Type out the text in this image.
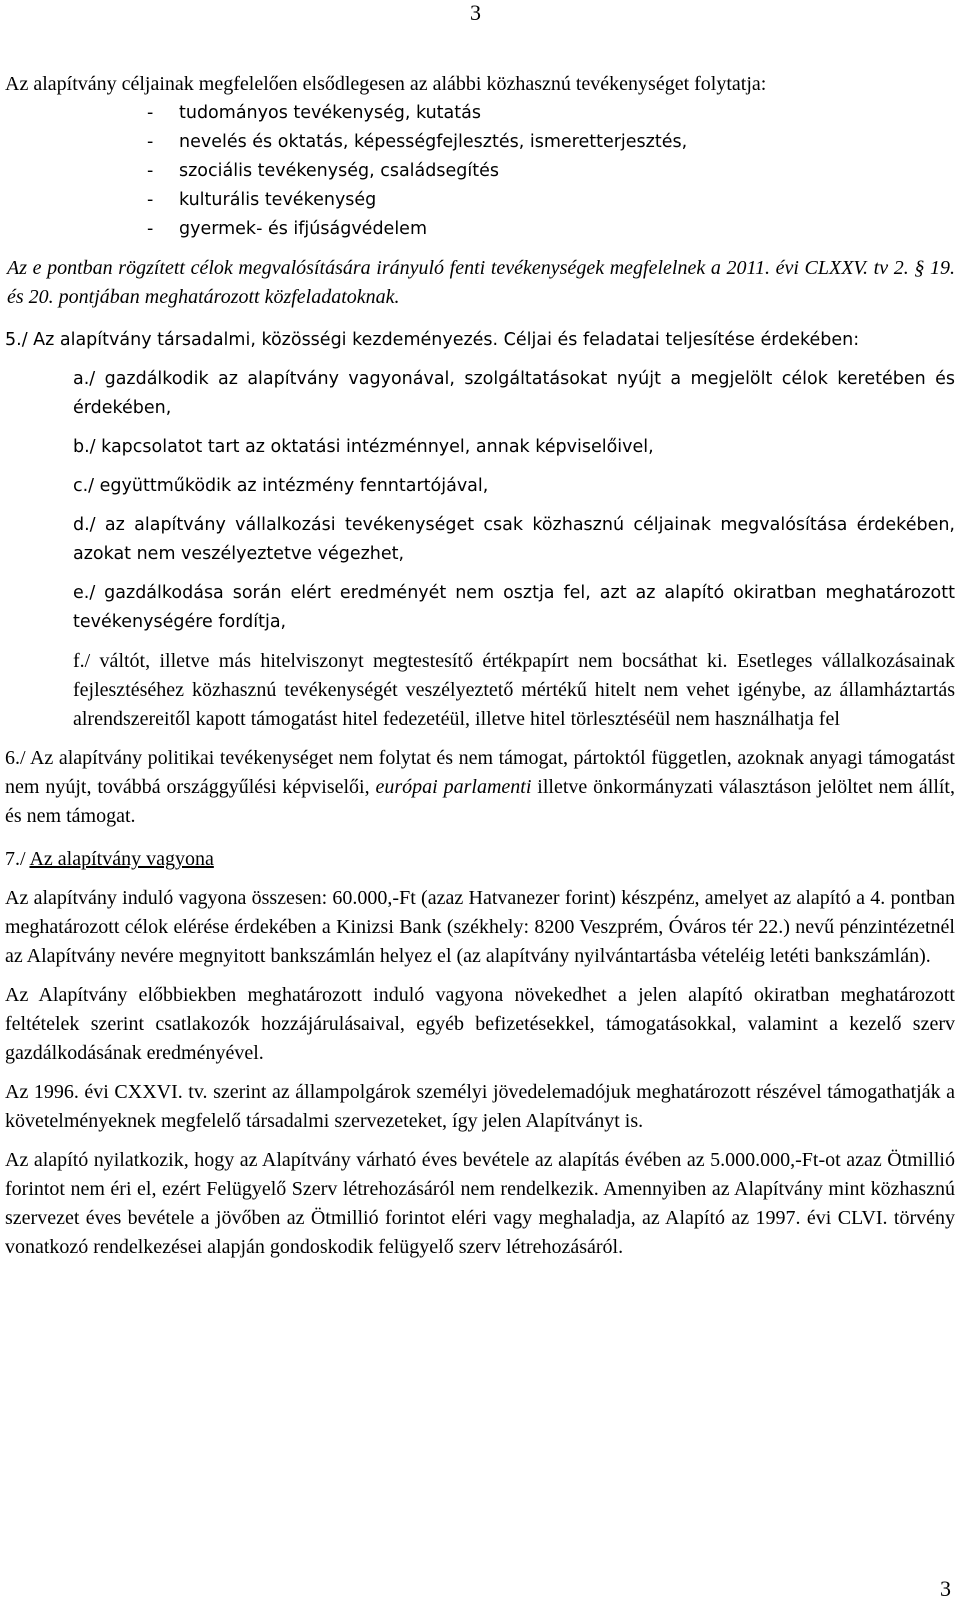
3

Az alapítvány céljainak megfelelően elsődlegesen az alábbi közhasznú tevékenységet folytatja:

- tudományos tevékenység, kutatás
- nevelés és oktatás, képességfejlesztés, ismeretterjesztés,
- szociális tevékenység, családsegítés
- kulturális tevékenység
- gyermek- és ifjúságvédelem

Az e pontban rögzített célok megvalósítására irányuló fenti tevékenységek megfelelnek a 2011. évi CLXXV. tv 2. § 19. és 20. pontjában meghatározott közfeladatoknak.

5./ Az alapítvány társadalmi, közösségi kezdeményezés. Céljai és feladatai teljesítése érdekében:

a./ gazdálkodik az alapítvány vagyonával, szolgáltatásokat nyújt a megjelölt célok keretében és érdekében,

b./ kapcsolatot tart az oktatási intézménnyel, annak képviselőivel,

c./ együttműködik az intézmény fenntartójával,

d./ az alapítvány vállalkozási tevékenységet csak közhasznú céljainak megvalósítása érdekében, azokat nem veszélyeztetve végezhet,

e./ gazdálkodása során elért eredményét nem osztja fel, azt az alapító okiratban meghatározott tevékenységére fordítja,

f./ váltót, illetve más hitelviszonyt megtestesítő értékpapírt nem bocsáthat ki. Esetleges vállalkozásainak fejlesztéséhez közhasznú tevékenységét veszélyeztető mértékű hitelt nem vehet igénybe, az államháztartás alrendszereitől kapott támogatást hitel fedezetéül, illetve hitel törlesztéséül nem használhatja fel

6./ Az alapítvány politikai tevékenységet nem folytat és nem támogat, pártoktól független, azoknak anyagi támogatást nem nyújt, továbbá országgyűlési képviselői, európai parlamenti illetve önkormányzati választáson jelöltet nem állít, és nem támogat.

7./ Az alapítvány vagyona

Az alapítvány induló vagyona összesen: 60.000,-Ft (azaz Hatvanezer forint) készpénz, amelyet az alapító a 4. pontban meghatározott célok elérése érdekében a Kinizsi Bank (székhely: 8200 Veszprém, Óváros tér 22.) nevű pénzintézetnél az Alapítvány nevére megnyitott bankszámlán helyez el (az alapítvány nyilvántartásba vételéig letéti bankszámlán).

Az Alapítvány előbbiekben meghatározott induló vagyona növekedhet a jelen alapító okiratban meghatározott feltételek szerint csatlakozók hozzájárulásaival, egyéb befizetésekkel, támogatásokkal, valamint a kezelő szerv gazdálkodásának eredményével.

Az 1996. évi CXXVI. tv. szerint az állampolgárok személyi jövedelemadójuk meghatározott részével támogathatják a követelményeknek megfelelő társadalmi szervezeteket, így jelen Alapítványt is.

Az alapító nyilatkozik, hogy az Alapítvány várható éves bevétele az alapítás évében az 5.000.000,-Ft-ot azaz Ötmillió forintot nem éri el, ezért Felügyelő Szerv létrehozásáról nem rendelkezik. Amennyiben az Alapítvány mint közhasznú szervezet éves bevétele a jövőben az Ötmillió forintot eléri vagy meghaladja, az Alapító az 1997. évi CLVI. törvény vonatkozó rendelkezései alapján gondoskodik felügyelő szerv létrehozásáról.

3
